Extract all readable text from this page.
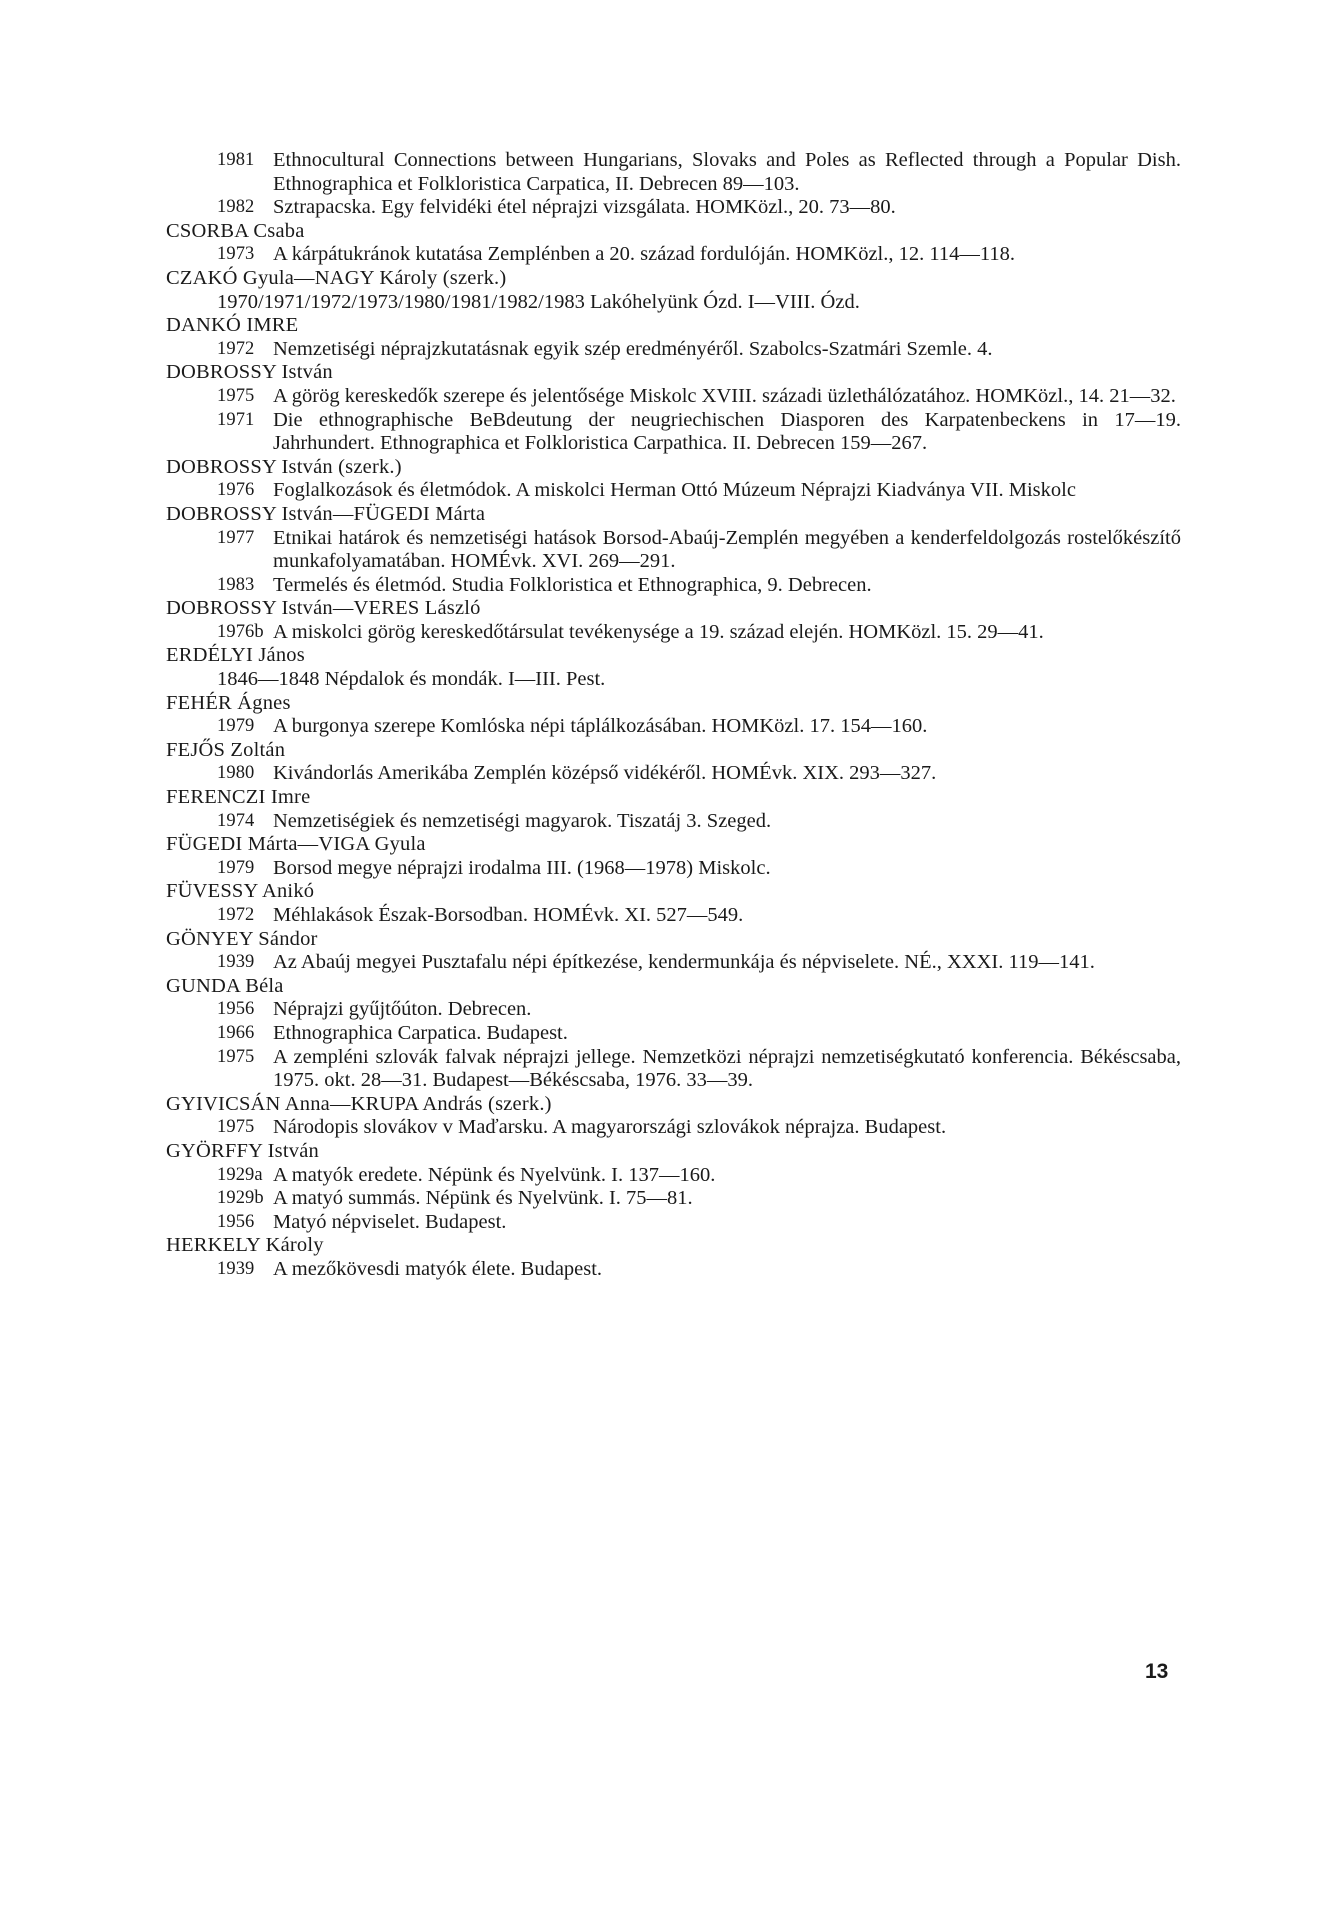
1981 Ethnocultural Connections between Hungarians, Slovaks and Poles as Reflected through a Popular Dish. Ethnographica et Folkloristica Carpatica, II. Debrecen 89—103.
1982 Sztrapacska. Egy felvidéki étel néprajzi vizsgálata. HOMKözl., 20. 73—80.
CSORBA Csaba
1973 A kárpátukránok kutatása Zemplénben a 20. század fordulóján. HOMKözl., 12. 114—118.
CZAKÓ Gyula—NAGY Károly (szerk.)
1970/1971/1972/1973/1980/1981/1982/1983 Lakóhelyünk Ózd. I—VIII. Ózd.
DANKÓ IMRE
1972 Nemzetiségi néprajzkutatásnak egyik szép eredményéről. Szabolcs-Szatmári Szemle. 4.
DOBROSSY István
1975 A görög kereskedők szerepe és jelentősége Miskolc XVIII. századi üzlethálózatához. HOMKözl., 14. 21—32.
1971 Die ethnographische BeBdeutung der neugriechischen Diasporen des Karpatenbeckens in 17—19. Jahrhundert. Ethnographica et Folkloristica Carpathica. II. Debrecen 159—267.
DOBROSSY István (szerk.)
1976 Foglalkozások és életmódok. A miskolci Herman Ottó Múzeum Néprajzi Kiadványa VII. Miskolc
DOBROSSY István—FÜGEDI Márta
1977 Etnikai határok és nemzetiségi hatások Borsod-Abaúj-Zemplén megyében a kenderfeldolgozás rostelőkészítő munkafolyamatában. HOMÉvk. XVI. 269—291.
1983 Termelés és életmód. Studia Folkloristica et Ethnographica, 9. Debrecen.
DOBROSSY István—VERES László
1976b A miskolci görög kereskedőtársulat tevékenysége a 19. század elején. HOMKözl. 15. 29—41.
ERDÉLYI János
1846—1848 Népdalok és mondák. I—III. Pest.
FEHÉR Ágnes
1979 A burgonya szerepe Komlóska népi táplálkozásában. HOMKözl. 17. 154—160.
FEJŐS Zoltán
1980 Kivándorlás Amerikába Zemplén középső vidékéről. HOMÉvk. XIX. 293—327.
FERENCZI Imre
1974 Nemzetiségiek és nemzetiségi magyarok. Tiszatáj 3. Szeged.
FÜGEDI Márta—VIGA Gyula
1979 Borsod megye néprajzi irodalma III. (1968—1978) Miskolc.
FÜVESSY Anikó
1972 Méhlakások Észak-Borsodban. HOMÉvk. XI. 527—549.
GÖNYEY Sándor
1939 Az Abaúj megyei Pusztafalu népi építkezése, kendermunkája és népviselete. NÉ., XXXI. 119—141.
GUNDA Béla
1956 Néprajzi gyűjtőúton. Debrecen.
1966 Ethnographica Carpatica. Budapest.
1975 A zempléni szlovák falvak néprajzi jellege. Nemzetközi néprajzi nemzetiségkutató konferencia. Békéscsaba, 1975. okt. 28—31. Budapest—Békéscsaba, 1976. 33—39.
GYIVICSÁN Anna—KRUPA András (szerk.)
1975 Národopis slovákov v Maďarsku. A magyarországi szlovákok néprajza. Budapest.
GYÖRFFY István
1929a A matyók eredete. Népünk és Nyelvünk. I. 137—160.
1929b A matyó summás. Népünk és Nyelvünk. I. 75—81.
1956 Matyó népviselet. Budapest.
HERKELY Károly
1939 A mezőkövesdi matyók élete. Budapest.
13
